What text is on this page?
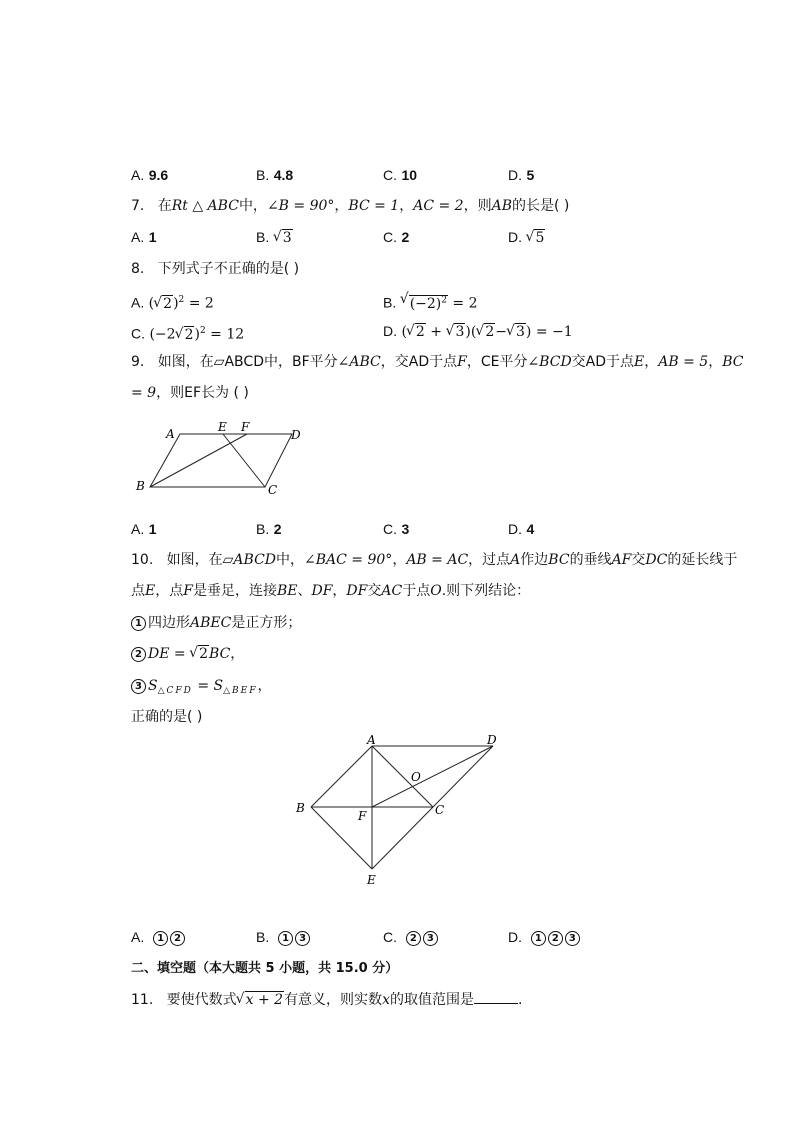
A. 9.6	B. 4.8	C. 10	D. 5
7. 在Rt △ ABC中，∠B = 90°，BC = 1，AC = 2，则AB的长是( )
A. 1	B. √ 3	C. 2	D. √ 5
8. 下列式子不正确的是( )
A. ( √ 2)$^2$ = 2	B. √ $(-2)^2 = 2$
C. (−2 √ 2)$^2$ = 12	D. ( √ 2 + √ 3)( √ 2− √ 3) = −1
9. 如图，在▱ABCD中，BF平分∠ABC，交AD于点F，CE平分∠BCD交AD于点E，AB = 5，BC
= 9，则EF长为 ( )
A	E F
D
B	C
A. 1	B. 2	C. 3	D. 4
10. 如图，在▱ABCD中，∠BAC = 90°，AB = AC，过点A作边BC的垂线AF交DC的延长线于
点E，点F是垂足，连接BE、DF，DF交AC于点O.则下列结论：
1 四边形ABEC是正方形；
2 DE = √ 2BC，
3 $S_{\triangle CFD} = S_{\triangle BEF}$，
正确的是( )
A	D
O
B
F	C
E
A. 1 2	B. 1 3	C. 2 3	D. 1 2 3
二、填空题（本大题共 5 小题，共 15.0 分）
11. 要使代数式 √ x + 2有意义，则实数x的取值范围是	.
